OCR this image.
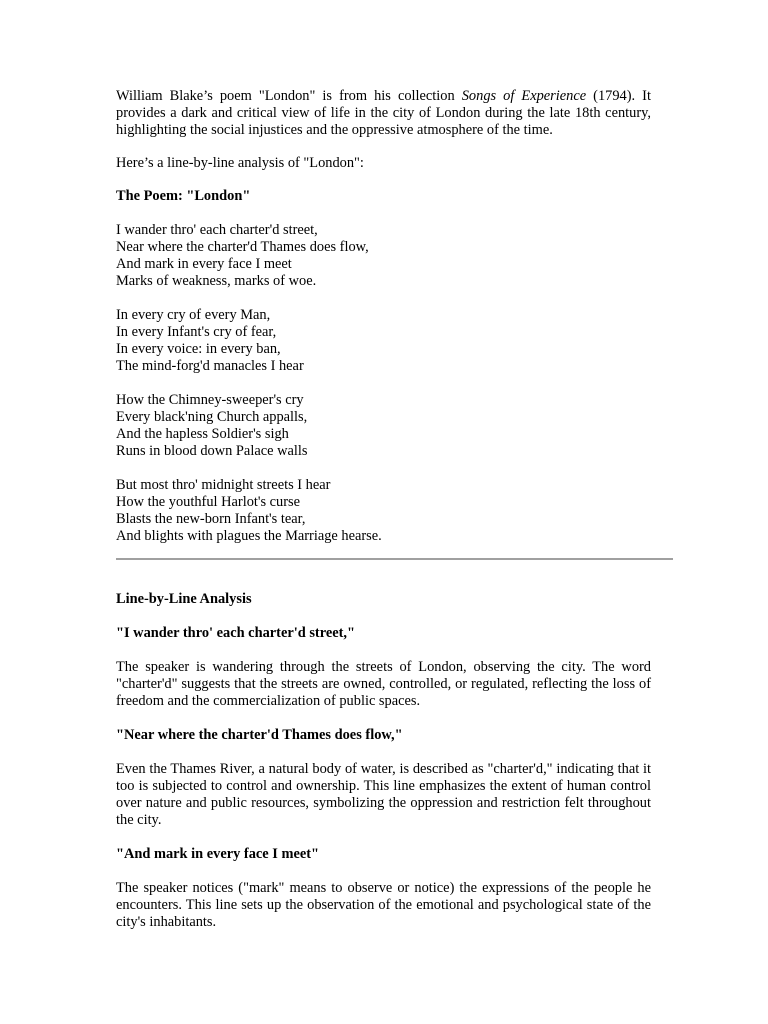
William Blake’s poem "London" is from his collection Songs of Experience (1794). It provides a dark and critical view of life in the city of London during the late 18th century, highlighting the social injustices and the oppressive atmosphere of the time.

Here’s a line-by-line analysis of "London":

The Poem: "London"
I wander thro' each charter'd street,
Near where the charter'd Thames does flow,
And mark in every face I meet
Marks of weakness, marks of woe.
In every cry of every Man,
In every Infant's cry of fear,
In every voice: in every ban,
The mind-forg'd manacles I hear
How the Chimney-sweeper's cry
Every black'ning Church appalls,
And the hapless Soldier's sigh
Runs in blood down Palace walls
But most thro' midnight streets I hear
How the youthful Harlot's curse
Blasts the new-born Infant's tear,
And blights with plagues the Marriage hearse.
Line-by-Line Analysis
"I wander thro' each charter'd street,"

The speaker is wandering through the streets of London, observing the city. The word "charter'd" suggests that the streets are owned, controlled, or regulated, reflecting the loss of freedom and the commercialization of public spaces.

"Near where the charter'd Thames does flow,"

Even the Thames River, a natural body of water, is described as "charter'd," indicating that it too is subjected to control and ownership. This line emphasizes the extent of human control over nature and public resources, symbolizing the oppression and restriction felt throughout the city.

"And mark in every face I meet"

The speaker notices ("mark" means to observe or notice) the expressions of the people he encounters. This line sets up the observation of the emotional and psychological state of the city's inhabitants.
